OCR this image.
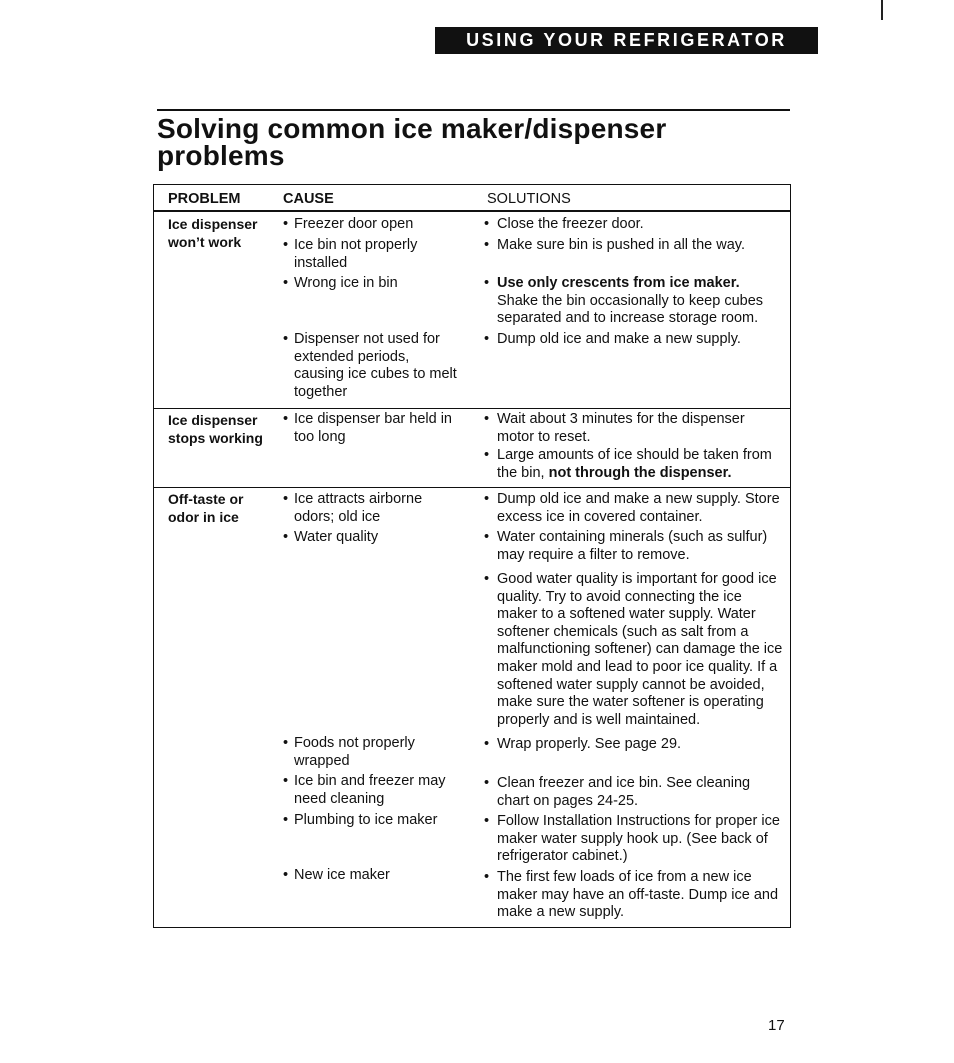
USING YOUR REFRIGERATOR
Solving common ice maker/dispenser problems
PROBLEM	CAUSE	SOLUTIONS
Ice dispenser won’t work
• Freezer door open
• Ice bin not properly installed
• Wrong ice in bin
• Dispenser not used for extended periods, causing ice cubes to melt together
• Close the freezer door.
• Make sure bin is pushed in all the way.
• Use only crescents from ice maker.
Shake the bin occasionally to keep cubes separated and to increase storage room.
• Dump old ice and make a new supply.
Ice dispenser stops working
• Ice dispenser bar held in too long
• Wait about 3 minutes for the dispenser motor to reset.
• Large amounts of ice should be taken from the bin, not through the dispenser.
Off-taste or odor in ice
• Ice attracts airborne odors; old ice
• Water quality
• Foods not properly wrapped
• Ice bin and freezer may need cleaning
• Plumbing to ice maker
• New ice maker
• Dump old ice and make a new supply. Store excess ice in covered container.
• Water containing minerals (such as sulfur) may require a filter to remove.
• Good water quality is important for good ice quality. Try to avoid connecting the ice maker to a softened water supply. Water softener chemicals (such as salt from a malfunctioning softener) can damage the ice maker mold and lead to poor ice quality. If a softened water supply cannot be avoided, make sure the water softener is operating properly and is well maintained.
• Wrap properly. See page 29.
• Clean freezer and ice bin. See cleaning chart on pages 24-25.
• Follow Installation Instructions for proper ice maker water supply hook up. (See back of refrigerator cabinet.)
• The first few loads of ice from a new ice maker may have an off-taste. Dump ice and make a new supply.
17
